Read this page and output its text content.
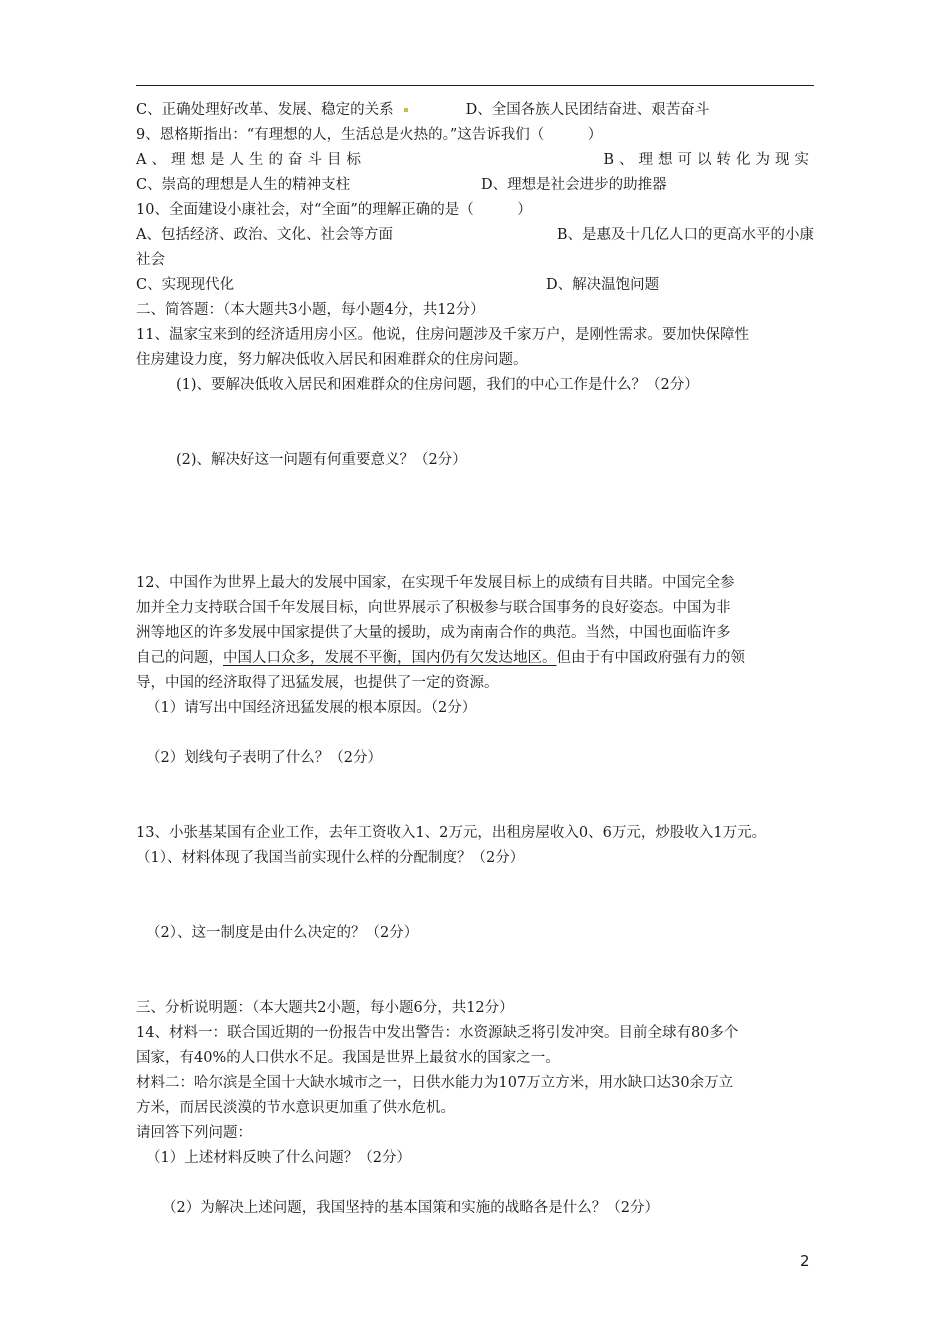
C、正确处理好改革、发展、稳定的关系	D、全国各族人民团结奋进、艰苦奋斗
9、恩格斯指出：“有理想的人，生活总是火热的。”这告诉我们（　　　）
A、理想是人生的奋斗目标	B、理想可以转化为现实
C、崇高的理想是人生的精神支柱	D、理想是社会进步的助推器
10、全面建设小康社会，对“全面”的理解正确的是（　　　）
A、包括经济、政治、文化、社会等方面	B、是惠及十几亿人口的更高水平的小康
社会
C、实现现代化	D、解决温饱问题
二、简答题：（本大题共3小题，每小题4分，共12分）
11、温家宝来到的经济适用房小区。他说，住房问题涉及千家万户，是刚性需求。要加快保障性
住房建设力度，努力解决低收入居民和困难群众的住房问题。
(1)、要解决低收入居民和困难群众的住房问题，我们的中心工作是什么？（2分）
(2)、解决好这一问题有何重要意义？（2分）
12、中国作为世界上最大的发展中国家，在实现千年发展目标上的成绩有目共睹。中国完全参
加并全力支持联合国千年发展目标，向世界展示了积极参与联合国事务的良好姿态。中国为非
洲等地区的许多发展中国家提供了大量的援助，成为南南合作的典范。当然，中国也面临许多
自己的问题，中国人口众多，发展不平衡，国内仍有欠发达地区。但由于有中国政府强有力的领
导，中国的经济取得了迅猛发展，也提供了一定的资源。
（1）请写出中国经济迅猛发展的根本原因。（2分）
（2）划线句子表明了什么？（2分）
13、小张基某国有企业工作，去年工资收入1、2万元，出租房屋收入0、6万元，炒股收入1万元。
（1）、材料体现了我国当前实现什么样的分配制度？（2分）
（2）、这一制度是由什么决定的？（2分）
三、分析说明题：（本大题共2小题，每小题6分，共12分）
14、材料一：联合国近期的一份报告中发出警告：水资源缺乏将引发冲突。目前全球有80多个
国家，有40%的人口供水不足。我国是世界上最贫水的国家之一。
材料二：哈尔滨是全国十大缺水城市之一，日供水能力为107万立方米，用水缺口达30余万立
方米，而居民淡漠的节水意识更加重了供水危机。
请回答下列问题：
（1）上述材料反映了什么问题？（2分）
（2）为解决上述问题，我国坚持的基本国策和实施的战略各是什么？（2分）
2
